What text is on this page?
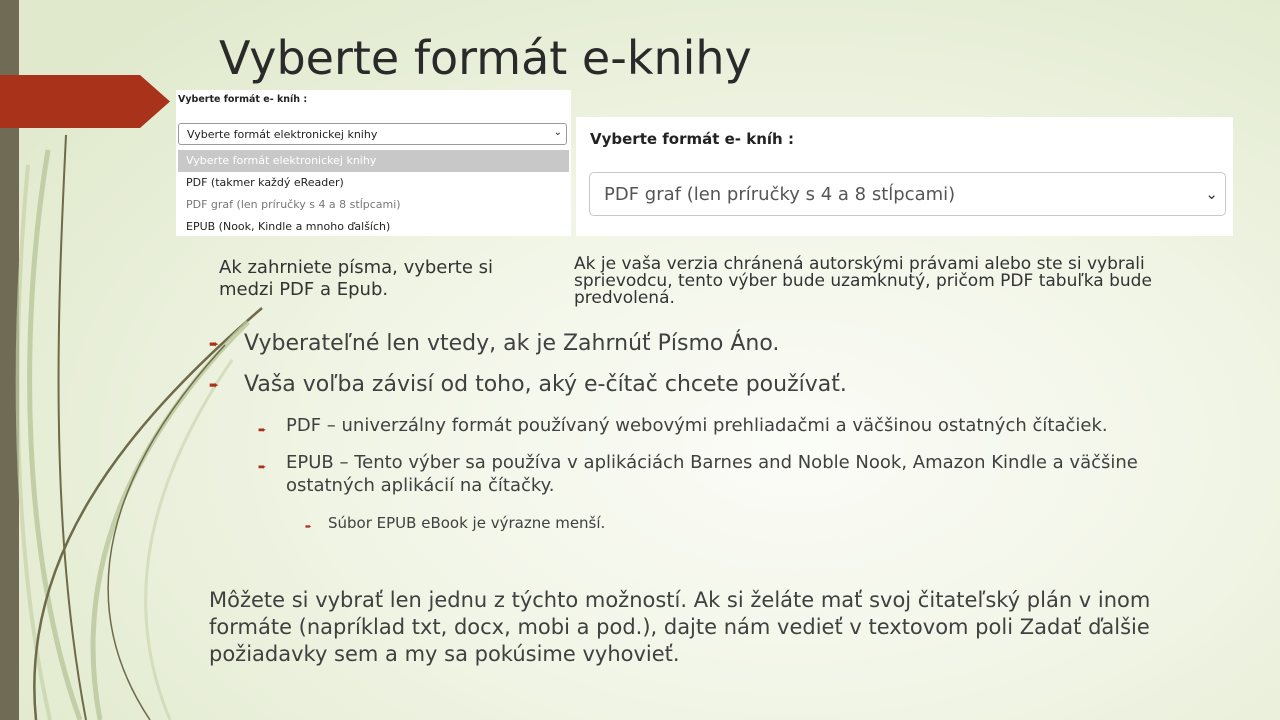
Vyberte formát e-knihy
Vyberte formát e- kníh :
Vyberte formát elektronickej knihy	⌄
Vyberte formát elektronickej knihy
PDF (takmer každý eReader)
PDF graf (len príručky s 4 a 8 stĺpcami)
EPUB (Nook, Kindle a mnoho ďalších)
Vyberte formát e- kníh :
PDF graf (len príručky s 4 a 8 stĺpcami)	⌄
Ak zahrniete písma, vyberte si medzi PDF a Epub.
Ak je vaša verzia chránená autorskými právami alebo ste si vybrali sprievodcu, tento výber bude uzamknutý, pričom PDF tabuľka bude predvolená.
➨ Vyberateľné len vtedy, ak je Zahrnúť Písmo Áno.
➨ Vaša voľba závisí od toho, aký e-čítač chcete používať.
➨ PDF – univerzálny formát používaný webovými prehliadačmi a väčšinou ostatných čítačiek.
➨ EPUB – Tento výber sa používa v aplikáciách Barnes and Noble Nook, Amazon Kindle a väčšine ostatných aplikácií na čítačky.
➨ Súbor EPUB eBook je výrazne menší.
Môžete si vybrať len jednu z týchto možností. Ak si želáte mať svoj čitateľský plán v inom formáte (napríklad txt, docx, mobi a pod.), dajte nám vedieť v textovom poli Zadať ďalšie požiadavky sem a my sa pokúsime vyhovieť.
